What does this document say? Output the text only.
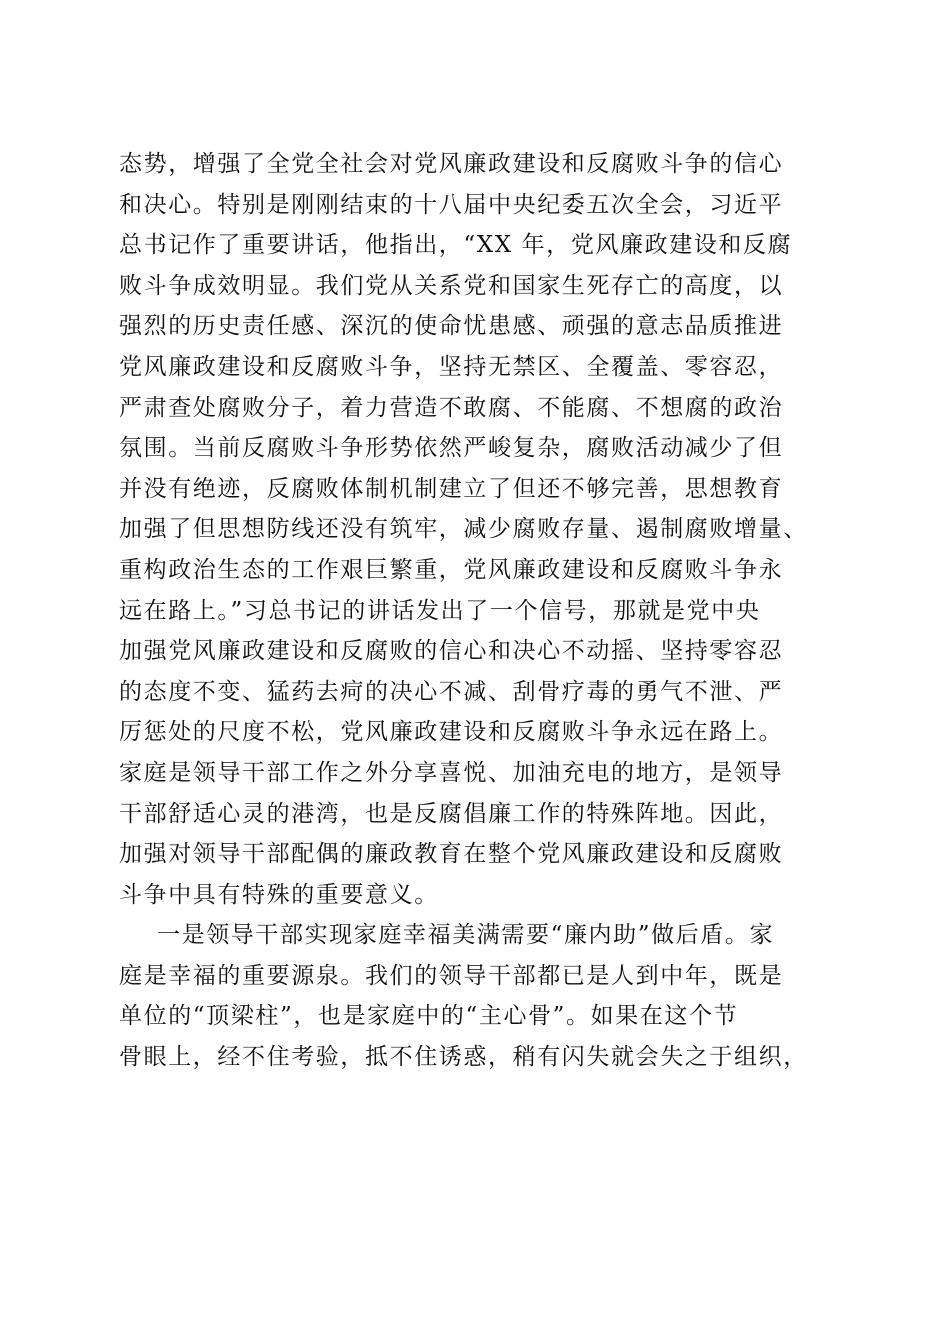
态势，增强了全党全社会对党风廉政建设和反腐败斗争的信心
和决心。特别是刚刚结束的十八届中央纪委五次全会，习近平
总书记作了重要讲话，他指出，“XX 年，党风廉政建设和反腐
败斗争成效明显。我们党从关系党和国家生死存亡的高度，以
强烈的历史责任感、深沉的使命忧患感、顽强的意志品质推进
党风廉政建设和反腐败斗争，坚持无禁区、全覆盖、零容忍，
严肃查处腐败分子，着力营造不敢腐、不能腐、不想腐的政治
氛围。当前反腐败斗争形势依然严峻复杂，腐败活动减少了但
并没有绝迹，反腐败体制机制建立了但还不够完善，思想教育
加强了但思想防线还没有筑牢，减少腐败存量、遏制腐败增量、
重构政治生态的工作艰巨繁重，党风廉政建设和反腐败斗争永
远在路上。”习总书记的讲话发出了一个信号，那就是党中央
加强党风廉政建设和反腐败的信心和决心不动摇、坚持零容忍
的态度不变、猛药去疴的决心不减、刮骨疗毒的勇气不泄、严
厉惩处的尺度不松，党风廉政建设和反腐败斗争永远在路上。
家庭是领导干部工作之外分享喜悦、加油充电的地方，是领导
干部舒适心灵的港湾，也是反腐倡廉工作的特殊阵地。因此，
加强对领导干部配偶的廉政教育在整个党风廉政建设和反腐败
斗争中具有特殊的重要意义。
一是领导干部实现家庭幸福美满需要“廉内助”做后盾。家
庭是幸福的重要源泉。我们的领导干部都已是人到中年，既是
单位的“顶梁柱”，也是家庭中的“主心骨”。如果在这个节
骨眼上，经不住考验，抵不住诱惑，稍有闪失就会失之于组织，
